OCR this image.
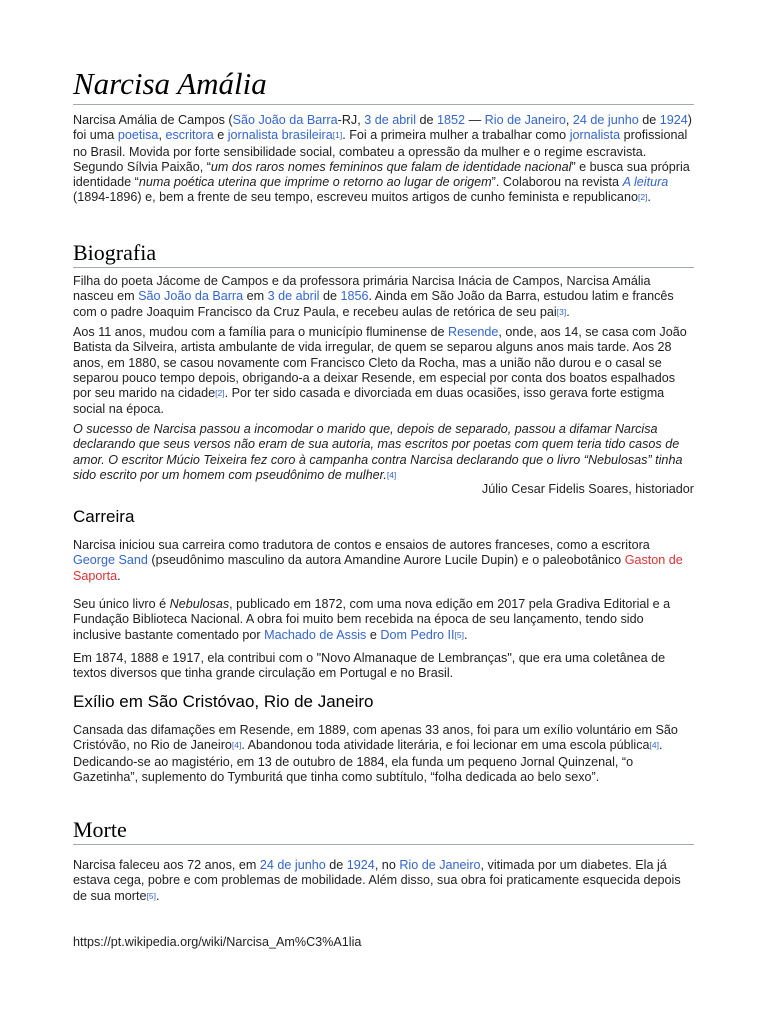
Narcisa Amália

Narcisa Amália de Campos (São João da Barra-RJ, 3 de abril de 1852 — Rio de Janeiro, 24 de junho de 1924) foi uma poetisa, escritora e jornalista brasileira[1]. Foi a primeira mulher a trabalhar como jornalista profissional no Brasil. Movida por forte sensibilidade social, combateu a opressão da mulher e o regime escravista. Segundo Sílvia Paixão, “um dos raros nomes femininos que falam de identidade nacional” e busca sua própria identidade “numa poética uterina que imprime o retorno ao lugar de origem”. Colaborou na revista A leitura (1894-1896) e, bem a frente de seu tempo, escreveu muitos artigos de cunho feminista e republicano[2].

Biografia

Filha do poeta Jácome de Campos e da professora primária Narcisa Inácia de Campos, Narcisa Amália nasceu em São João da Barra em 3 de abril de 1856. Ainda em São João da Barra, estudou latim e francês com o padre Joaquim Francisco da Cruz Paula, e recebeu aulas de retórica de seu pai[3].

Aos 11 anos, mudou com a família para o município fluminense de Resende, onde, aos 14, se casa com João Batista da Silveira, artista ambulante de vida irregular, de quem se separou alguns anos mais tarde. Aos 28 anos, em 1880, se casou novamente com Francisco Cleto da Rocha, mas a união não durou e o casal se separou pouco tempo depois, obrigando-a a deixar Resende, em especial por conta dos boatos espalhados por seu marido na cidade[2]. Por ter sido casada e divorciada em duas ocasiões, isso gerava forte estigma social na época.

O sucesso de Narcisa passou a incomodar o marido que, depois de separado, passou a difamar Narcisa declarando que seus versos não eram de sua autoria, mas escritos por poetas com quem teria tido casos de amor. O escritor Múcio Teixeira fez coro à campanha contra Narcisa declarando que o livro “Nebulosas” tinha sido escrito por um homem com pseudônimo de mulher.[4]

Júlio Cesar Fidelis Soares, historiador
Carreira

Narcisa iniciou sua carreira como tradutora de contos e ensaios de autores franceses, como a escritora George Sand (pseudônimo masculino da autora Amandine Aurore Lucile Dupin) e o paleobotânico Gaston de Saporta.

Seu único livro é Nebulosas, publicado em 1872, com uma nova edição em 2017 pela Gradiva Editorial e a Fundação Biblioteca Nacional. A obra foi muito bem recebida na época de seu lançamento, tendo sido inclusive bastante comentado por Machado de Assis e Dom Pedro II[5].

Em 1874, 1888 e 1917, ela contribui com o "Novo Almanaque de Lembranças", que era uma coletânea de textos diversos que tinha grande circulação em Portugal e no Brasil.

Exílio em São Cristóvao, Rio de Janeiro

Cansada das difamações em Resende, em 1889, com apenas 33 anos, foi para um exílio voluntário em São Cristóvão, no Rio de Janeiro[4]. Abandonou toda atividade literária, e foi lecionar em uma escola pública[4]. Dedicando-se ao magistério, em 13 de outubro de 1884, ela funda um pequeno Jornal Quinzenal, “o Gazetinha”, suplemento do Tymburitá que tinha como subtítulo, “folha dedicada ao belo sexo”.

Morte

Narcisa faleceu aos 72 anos, em 24 de junho de 1924, no Rio de Janeiro, vitimada por um diabetes. Ela já estava cega, pobre e com problemas de mobilidade. Além disso, sua obra foi praticamente esquecida depois de sua morte[5].

https://pt.wikipedia.org/wiki/Narcisa_Am%C3%A1lia
